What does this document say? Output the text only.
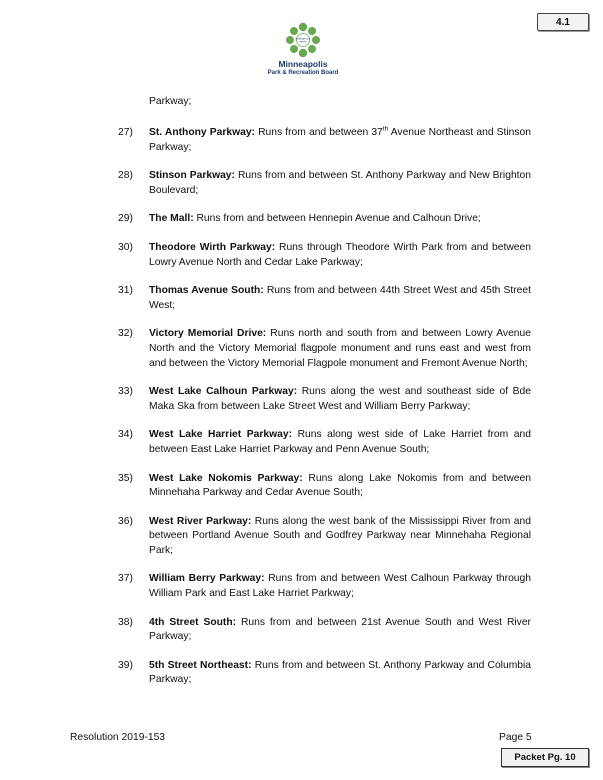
4.1
MINNEAPOLIS
PARKS
Minneapolis
Park & Recreation Board
Parkway;
27)	St. Anthony Parkway: Runs from and between 37th Avenue Northeast and Stinson Parkway;
28)	Stinson Parkway: Runs from and between St. Anthony Parkway and New Brighton Boulevard;
29)	The Mall: Runs from and between Hennepin Avenue and Calhoun Drive;
30)	Theodore Wirth Parkway: Runs through Theodore Wirth Park from and between Lowry Avenue North and Cedar Lake Parkway;
31)	Thomas Avenue South: Runs from and between 44th Street West and 45th Street West;
32)	Victory Memorial Drive: Runs north and south from and between Lowry Avenue North and the Victory Memorial flagpole monument and runs east and west from and between the Victory Memorial Flagpole monument and Fremont Avenue North;
33)	West Lake Calhoun Parkway: Runs along the west and southeast side of Bde Maka Ska from between Lake Street West and William Berry Parkway;
34)	West Lake Harriet Parkway: Runs along west side of Lake Harriet from and between East Lake Harriet Parkway and Penn Avenue South;
35)	West Lake Nokomis Parkway: Runs along Lake Nokomis from and between Minnehaha Parkway and Cedar Avenue South;
36)	West River Parkway: Runs along the west bank of the Mississippi River from and between Portland Avenue South and Godfrey Parkway near Minnehaha Regional Park;
37)	William Berry Parkway: Runs from and between West Calhoun Parkway through William Park and East Lake Harriet Parkway;
38)	4th Street South: Runs from and between 21st Avenue South and West River Parkway;
39)	5th Street Northeast: Runs from and between St. Anthony Parkway and Columbia Parkway;
Resolution 2019-153	Page 5
Packet Pg. 10
